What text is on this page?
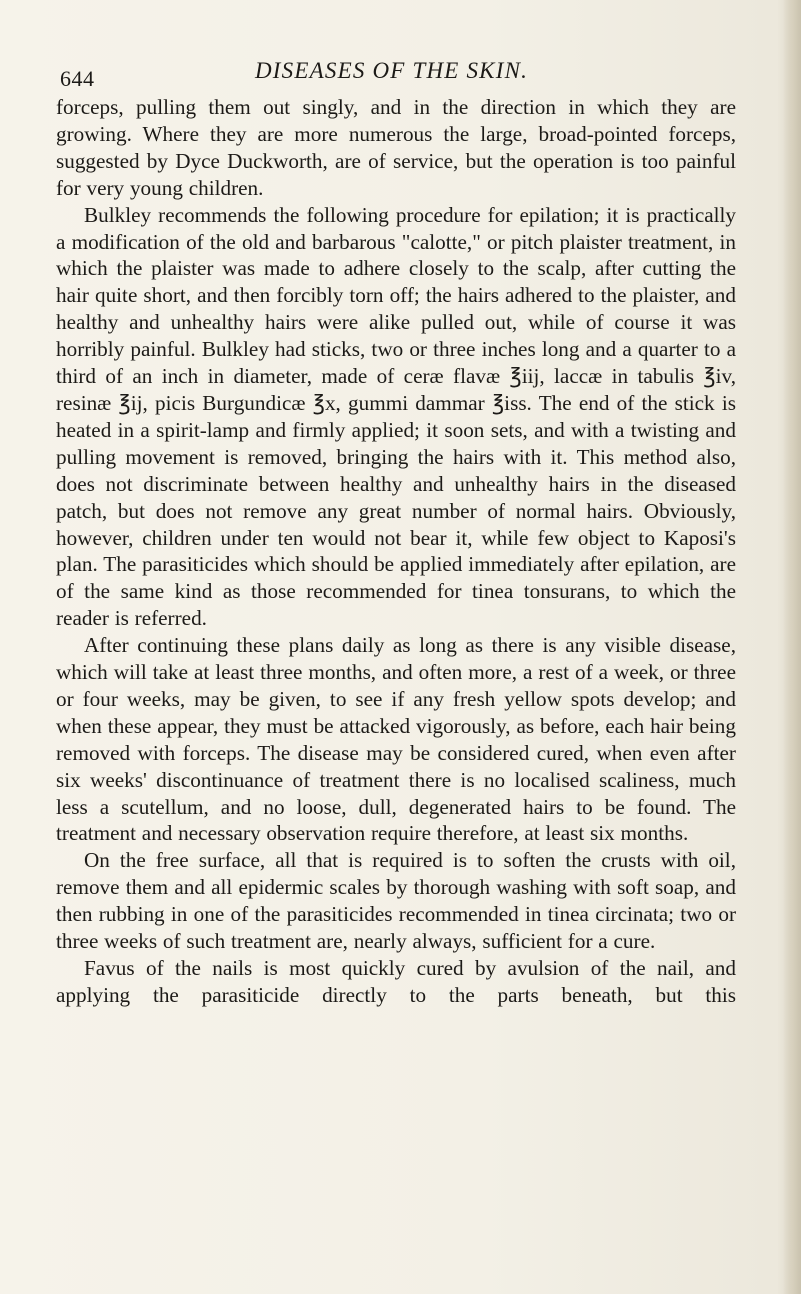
644	DISEASES OF THE SKIN.

forceps, pulling them out singly, and in the direction in which they are growing. Where they are more numerous the large, broad-pointed forceps, suggested by Dyce Duckworth, are of service, but the operation is too painful for very young children.

Bulkley recommends the following procedure for epilation; it is practically a modification of the old and barbarous "calotte," or pitch plaister treatment, in which the plaister was made to adhere closely to the scalp, after cutting the hair quite short, and then forcibly torn off; the hairs adhered to the plaister, and healthy and unhealthy hairs were alike pulled out, while of course it was horribly painful. Bulkley had sticks, two or three inches long and a quarter to a third of an inch in diameter, made of ceræ flavæ ℥iij, laccæ in tabulis ℥iv, resinæ ℥ij, picis Burgundicæ ℥x, gummi dammar ℥iss. The end of the stick is heated in a spirit-lamp and firmly applied; it soon sets, and with a twisting and pulling movement is removed, bringing the hairs with it. This method also, does not discriminate between healthy and unhealthy hairs in the diseased patch, but does not remove any great number of normal hairs. Obviously, however, children under ten would not bear it, while few object to Kaposi's plan. The parasiticides which should be applied immediately after epilation, are of the same kind as those recommended for tinea tonsurans, to which the reader is referred.

After continuing these plans daily as long as there is any visible disease, which will take at least three months, and often more, a rest of a week, or three or four weeks, may be given, to see if any fresh yellow spots develop; and when these appear, they must be attacked vigorously, as before, each hair being removed with forceps. The disease may be considered cured, when even after six weeks' discontinuance of treatment there is no localised scaliness, much less a scutellum, and no loose, dull, degenerated hairs to be found. The treatment and necessary observation require therefore, at least six months.

On the free surface, all that is required is to soften the crusts with oil, remove them and all epidermic scales by thorough washing with soft soap, and then rubbing in one of the parasiticides recommended in tinea circinata; two or three weeks of such treatment are, nearly always, sufficient for a cure.

Favus of the nails is most quickly cured by avulsion of the nail, and applying the parasiticide directly to the parts beneath, but this
